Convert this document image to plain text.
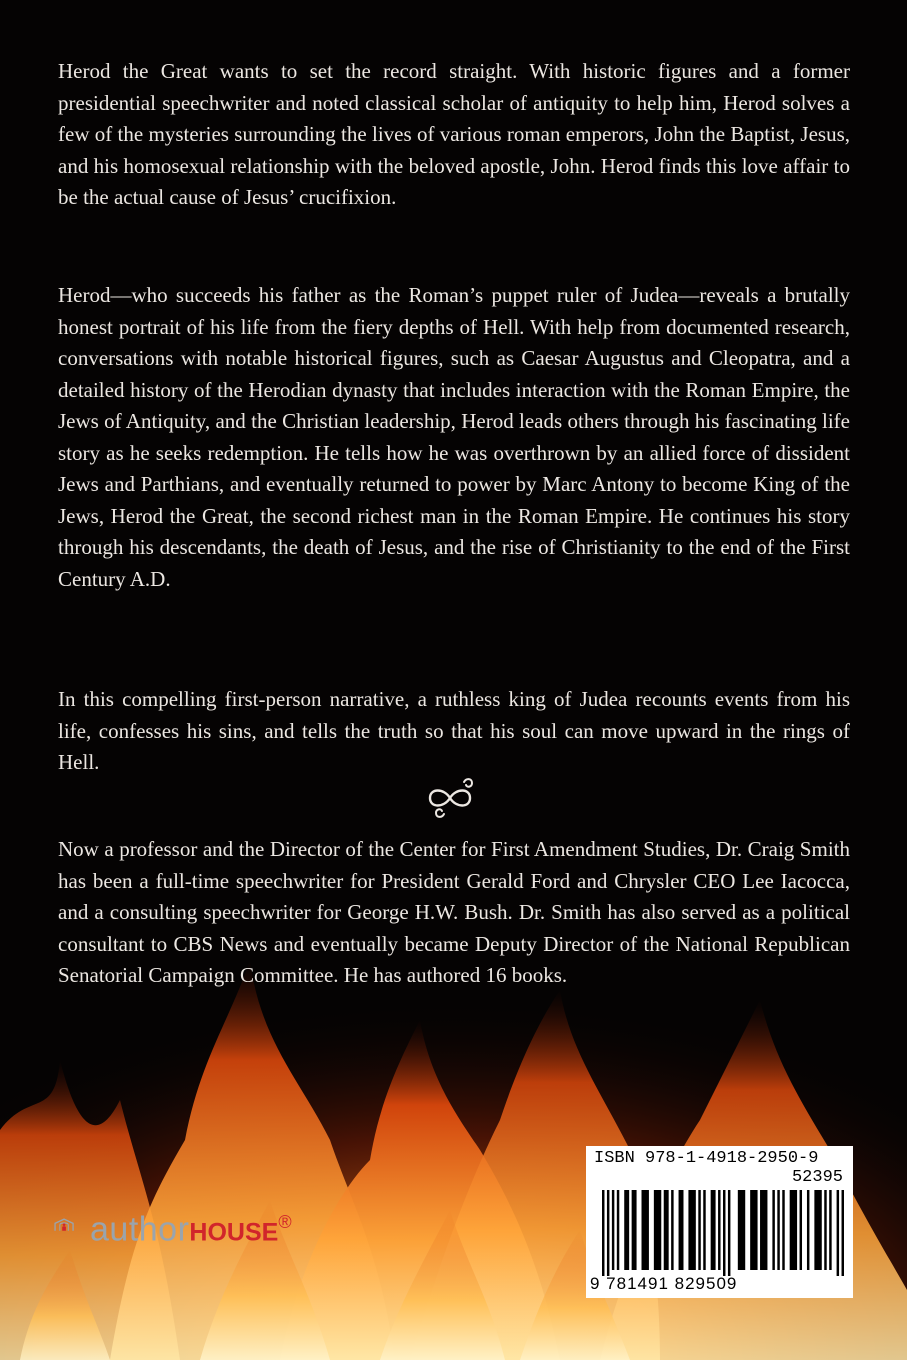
Herod the Great wants to set the record straight. With historic figures and a former presidential speechwriter and noted classical scholar of antiquity to help him, Herod solves a few of the mysteries surrounding the lives of various roman emperors, John the Baptist, Jesus, and his homosexual relationship with the beloved apostle, John. Herod finds this love affair to be the actual cause of Jesus’ crucifixion.
Herod—who succeeds his father as the Roman’s puppet ruler of Judea—reveals a brutally honest portrait of his life from the fiery depths of Hell. With help from documented research, conversations with notable historical figures, such as Caesar Augustus and Cleopatra, and a detailed history of the Herodian dynasty that includes interaction with the Roman Empire, the Jews of Antiquity, and the Christian leadership, Herod leads others through his fascinating life story as he seeks redemption. He tells how he was overthrown by an allied force of dissident Jews and Parthians, and eventually returned to power by Marc Antony to become King of the Jews, Herod the Great, the second richest man in the Roman Empire. He continues his story through his descendants, the death of Jesus, and the rise of Christianity to the end of the First Century A.D.
In this compelling first-person narrative, a ruthless king of Judea recounts events from his life, confesses his sins, and tells the truth so that his soul can move upward in the rings of Hell.
Now a professor and the Director of the Center for First Amendment Studies, Dr. Craig Smith has been a full-time speechwriter for President Gerald Ford and Chrysler CEO Lee Iacocca, and a consulting speechwriter for George H.W. Bush. Dr. Smith has also served as a political consultant to CBS News and eventually became Deputy Director of the National Republican Senatorial Campaign Committee. He has authored 16 books.
authorHOUSE®
ISBN 978-1-4918-2950-9
52395
9 781491 829509
